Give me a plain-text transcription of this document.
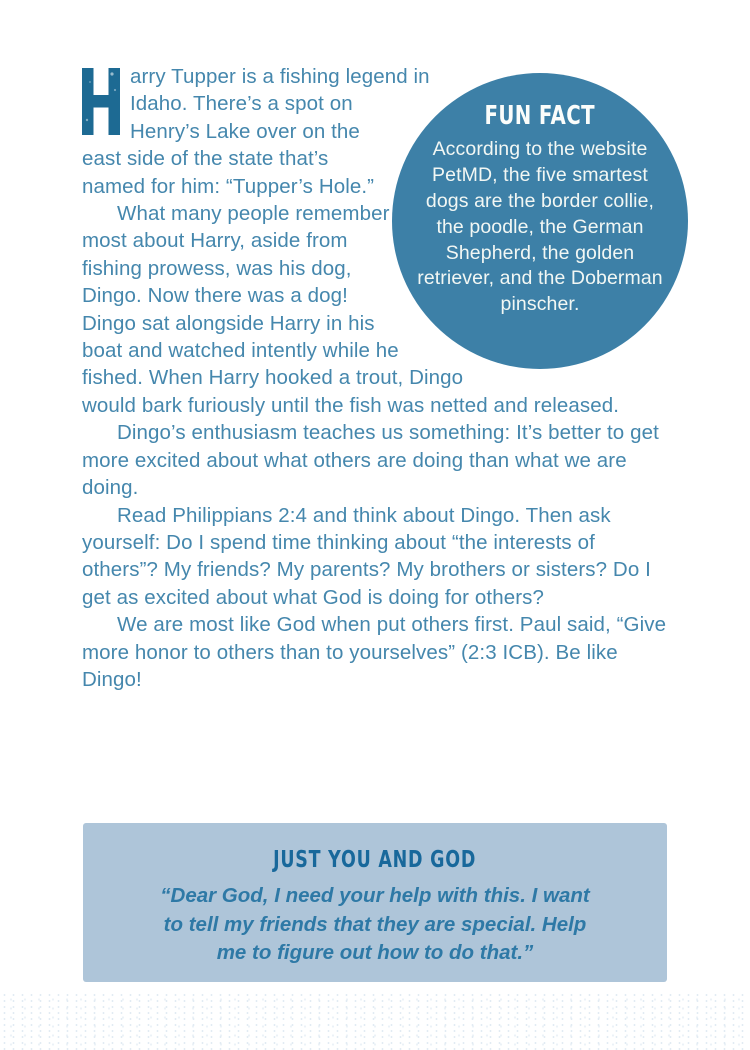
FUN FACT
According to the website PetMD, the five smartest dogs are the border collie, the poodle, the German Shepherd, the golden retriever, and the Doberman pinscher.

arry Tupper is a fishing legend in Idaho. There’s a spot on Henry’s Lake over on the east side of the state that’s named for him: “Tupper’s Hole.”

What many people remember most about Harry, aside from fishing prowess, was his dog, Dingo. Now there was a dog! Dingo sat alongside Harry in his boat and watched intently while he fished. When Harry hooked a trout, Dingo would bark furiously until the fish was netted and released.

Dingo’s enthusiasm teaches us something: It’s better to get more excited about what others are doing than what we are doing.

Read Philippians 2:4 and think about Dingo. Then ask yourself: Do I spend time thinking about “the interests of others”? My friends? My parents? My brothers or sisters? Do I get as excited about what God is doing for others?

We are most like God when put others first. Paul said, “Give more honor to others than to yourselves” (2:3 ICB). Be like Dingo!

JUST YOU AND GOD
“Dear God, I need your help with this. I want to tell my friends that they are special. Help me to figure out how to do that.”
